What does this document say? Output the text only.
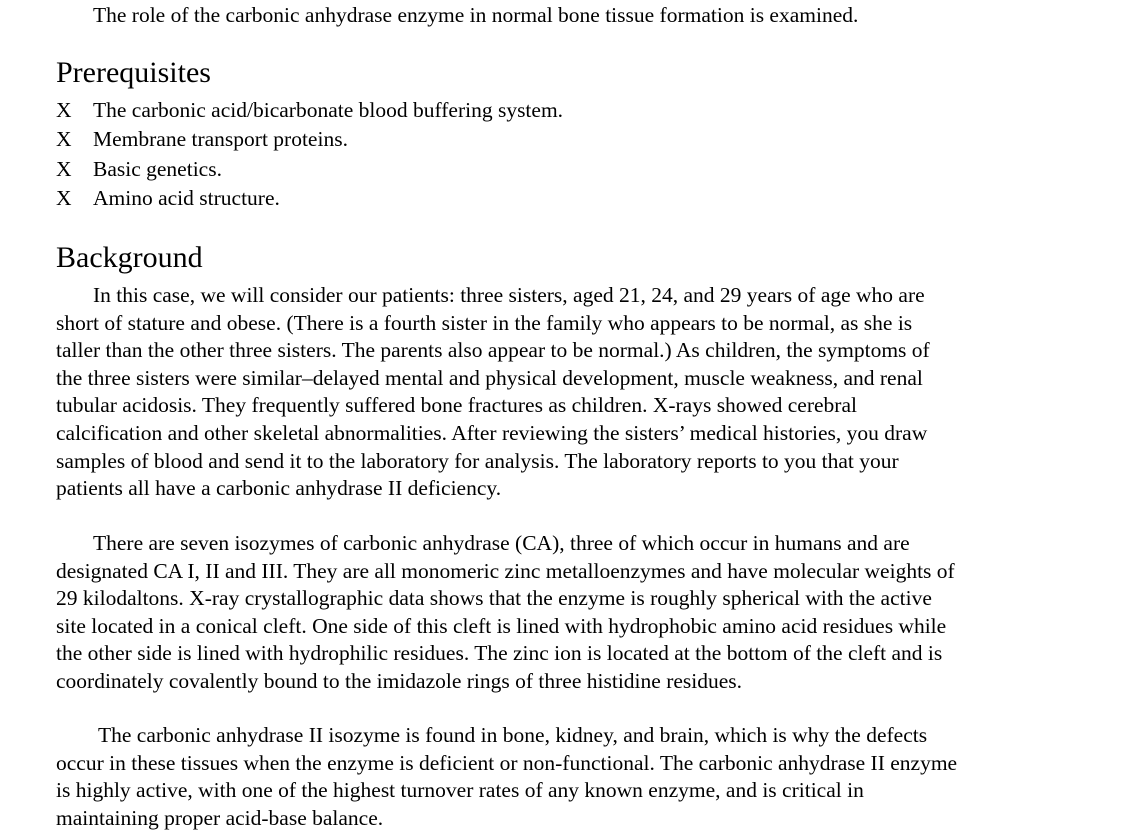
The role of the carbonic anhydrase enzyme in normal bone tissue formation is examined.
Prerequisites
X The carbonic acid/bicarbonate blood buffering system.
X Membrane transport proteins.
X Basic genetics.
X Amino acid structure.
Background

In this case, we will consider our patients: three sisters, aged 21, 24, and 29 years of age who are
short of stature and obese. (There is a fourth sister in the family who appears to be normal, as she is
taller than the other three sisters. The parents also appear to be normal.) As children, the symptoms of
the three sisters were similar–delayed mental and physical development, muscle weakness, and renal
tubular acidosis. They frequently suffered bone fractures as children. X-rays showed cerebral
calcification and other skeletal abnormalities. After reviewing the sisters’ medical histories, you draw
samples of blood and send it to the laboratory for analysis. The laboratory reports to you that your
patients all have a carbonic anhydrase II deficiency.

There are seven isozymes of carbonic anhydrase (CA), three of which occur in humans and are
designated CA I, II and III. They are all monomeric zinc metalloenzymes and have molecular weights of
29 kilodaltons. X-ray crystallographic data shows that the enzyme is roughly spherical with the active
site located in a conical cleft. One side of this cleft is lined with hydrophobic amino acid residues while
the other side is lined with hydrophilic residues. The zinc ion is located at the bottom of the cleft and is
coordinately covalently bound to the imidazole rings of three histidine residues.

The carbonic anhydrase II isozyme is found in bone, kidney, and brain, which is why the defects
occur in these tissues when the enzyme is deficient or non-functional. The carbonic anhydrase II enzyme
is highly active, with one of the highest turnover rates of any known enzyme, and is critical in
maintaining proper acid-base balance.
